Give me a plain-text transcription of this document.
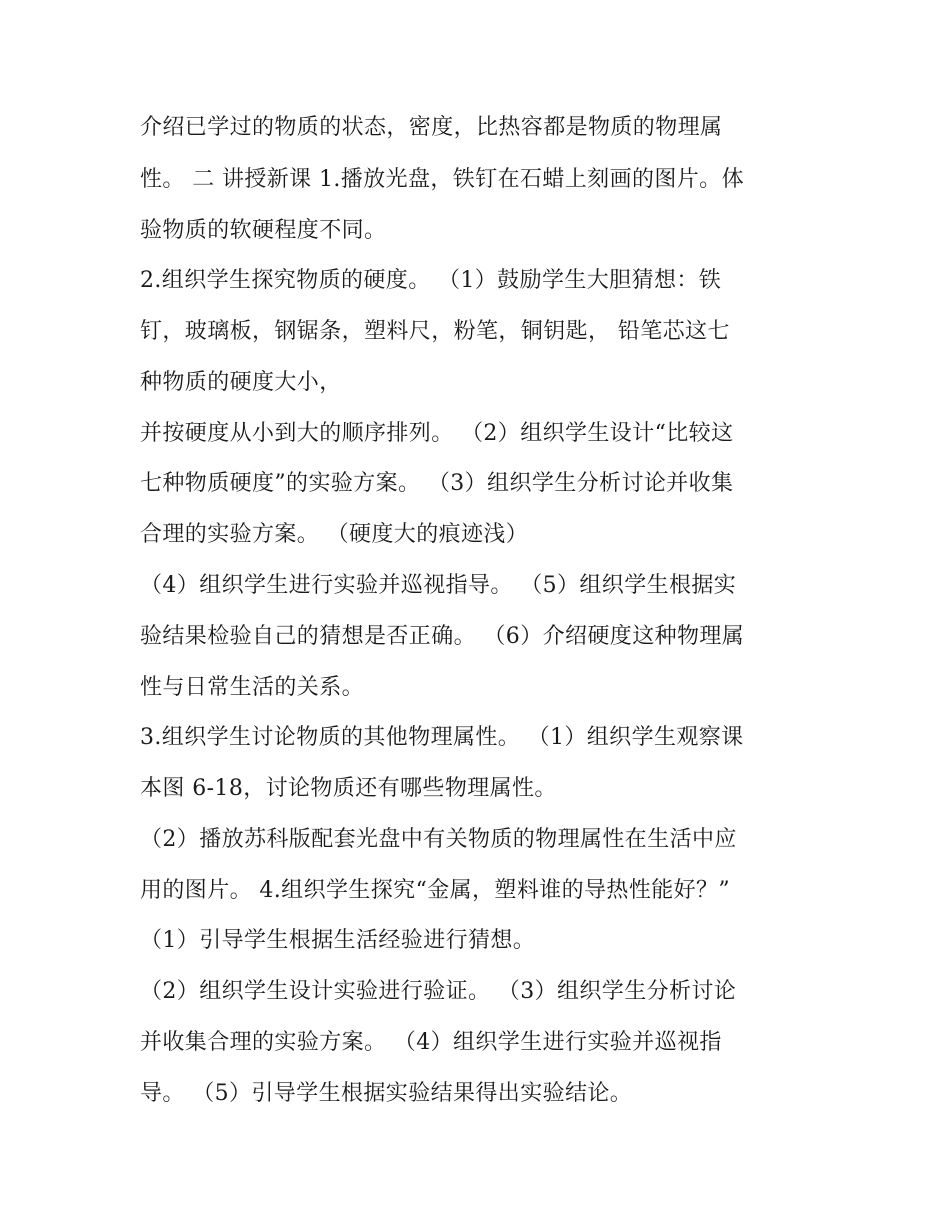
介绍已学过的物质的状态，密度，比热容都是物质的物理属

性。 二 讲授新课 1.播放光盘，铁钉在石蜡上刻画的图片。体

验物质的软硬程度不同。

2.组织学生探究物质的硬度。 （1）鼓励学生大胆猜想：铁

钉，玻璃板，钢锯条，塑料尺，粉笔，铜钥匙， 铅笔芯这七

种物质的硬度大小，

并按硬度从小到大的顺序排列。 （2）组织学生设计“比较这

七种物质硬度”的实验方案。 （3）组织学生分析讨论并收集

合理的实验方案。 （硬度大的痕迹浅）

（4）组织学生进行实验并巡视指导。 （5）组织学生根据实

验结果检验自己的猜想是否正确。 （6）介绍硬度这种物理属

性与日常生活的关系。

3.组织学生讨论物质的其他物理属性。 （1）组织学生观察课

本图 6-18，讨论物质还有哪些物理属性。

（2）播放苏科版配套光盘中有关物质的物理属性在生活中应

用的图片。 4.组织学生探究“金属，塑料谁的导热性能好？”

（1）引导学生根据生活经验进行猜想。

（2）组织学生设计实验进行验证。 （3）组织学生分析讨论

并收集合理的实验方案。 （4）组织学生进行实验并巡视指

导。 （5）引导学生根据实验结果得出实验结论。
